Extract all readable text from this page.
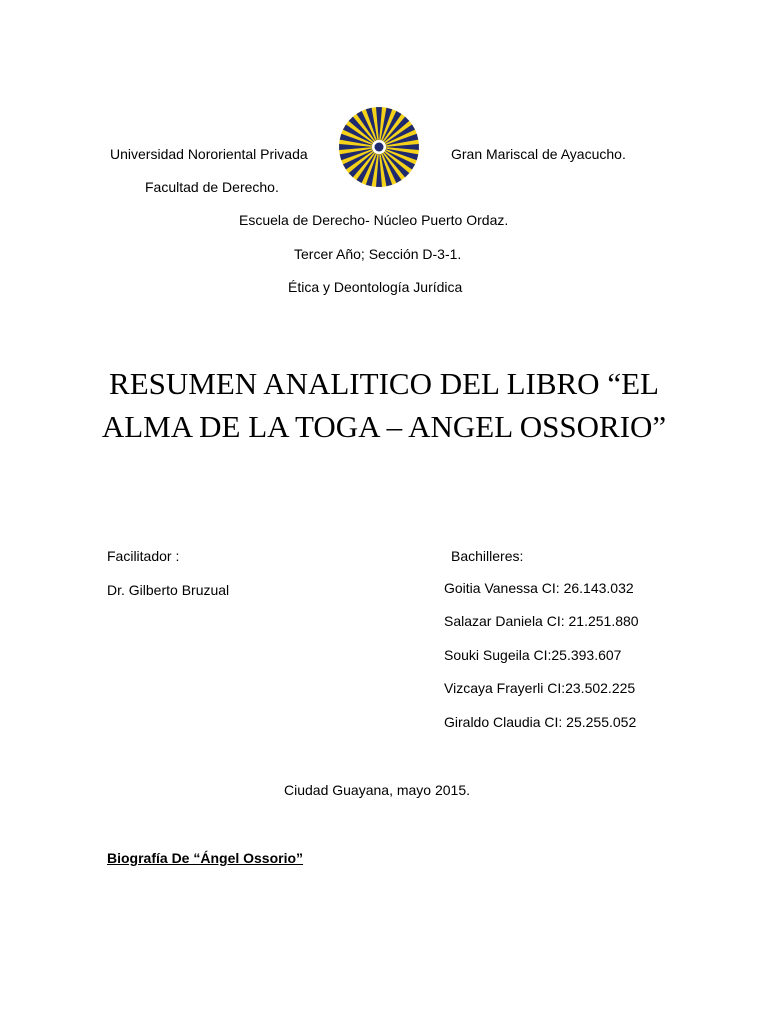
Universidad Nororiental Privada	Gran Mariscal de Ayacucho.
Facultad de Derecho.
Escuela de Derecho- Núcleo Puerto Ordaz.
Tercer Año; Sección D-3-1.
Ética y Deontología Jurídica
RESUMEN ANALITICO DEL LIBRO “EL
ALMA DE LA TOGA – ANGEL OSSORIO”
Facilitador :
Dr. Gilberto Bruzual
Bachilleres:
Goitia Vanessa CI: 26.143.032
Salazar Daniela CI: 21.251.880
Souki Sugeila CI:25.393.607
Vizcaya Frayerli CI:23.502.225
Giraldo Claudia CI: 25.255.052
Ciudad Guayana, mayo 2015.
Biografía De “Ángel Ossorio”
